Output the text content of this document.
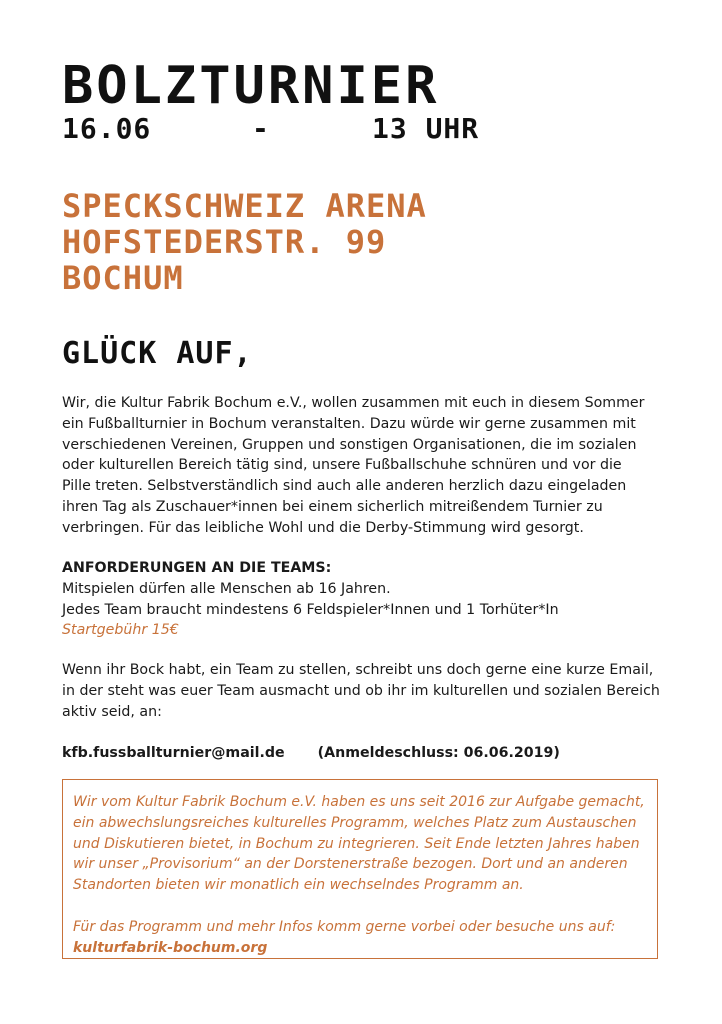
BOLZTURNIER
16.06	-	13 UHR
SPECKSCHWEIZ ARENA
HOFSTEDERSTR. 99
BOCHUM
GLÜCK AUF,
Wir, die Kultur Fabrik Bochum e.V., wollen zusammen mit euch in diesem Sommer
ein Fußballturnier in Bochum veranstalten. Dazu würde wir gerne zusammen mit
verschiedenen Vereinen, Gruppen und sonstigen Organisationen, die im sozialen
oder kulturellen Bereich tätig sind, unsere Fußballschuhe schnüren und vor die
Pille treten. Selbstverständlich sind auch alle anderen herzlich dazu eingeladen
ihren Tag als Zuschauer*innen bei einem sicherlich mitreißendem Turnier zu
verbringen. Für das leibliche Wohl und die Derby-Stimmung wird gesorgt.
ANFORDERUNGEN AN DIE TEAMS:
Mitspielen dürfen alle Menschen ab 16 Jahren.
Jedes Team braucht mindestens 6 Feldspieler*Innen und 1 Torhüter*In
Startgebühr 15€
Wenn ihr Bock habt, ein Team zu stellen, schreibt uns doch gerne eine kurze Email,
in der steht was euer Team ausmacht und ob ihr im kulturellen und sozialen Bereich
aktiv seid, an:
kfb.fussballturnier@mail.de (Anmeldeschluss: 06.06.2019)

Wir vom Kultur Fabrik Bochum e.V. haben es uns seit 2016 zur Aufgabe gemacht,

ein abwechslungsreiches kulturelles Programm, welches Platz zum Austauschen

und Diskutieren bietet, in Bochum zu integrieren. Seit Ende letzten Jahres haben

wir unser „Provisorium“ an der Dorstenerstraße bezogen. Dort und an anderen

Standorten bieten wir monatlich ein wechselndes Programm an.

Für das Programm und mehr Infos komm gerne vorbei oder besuche uns auf:

kulturfabrik-bochum.org
